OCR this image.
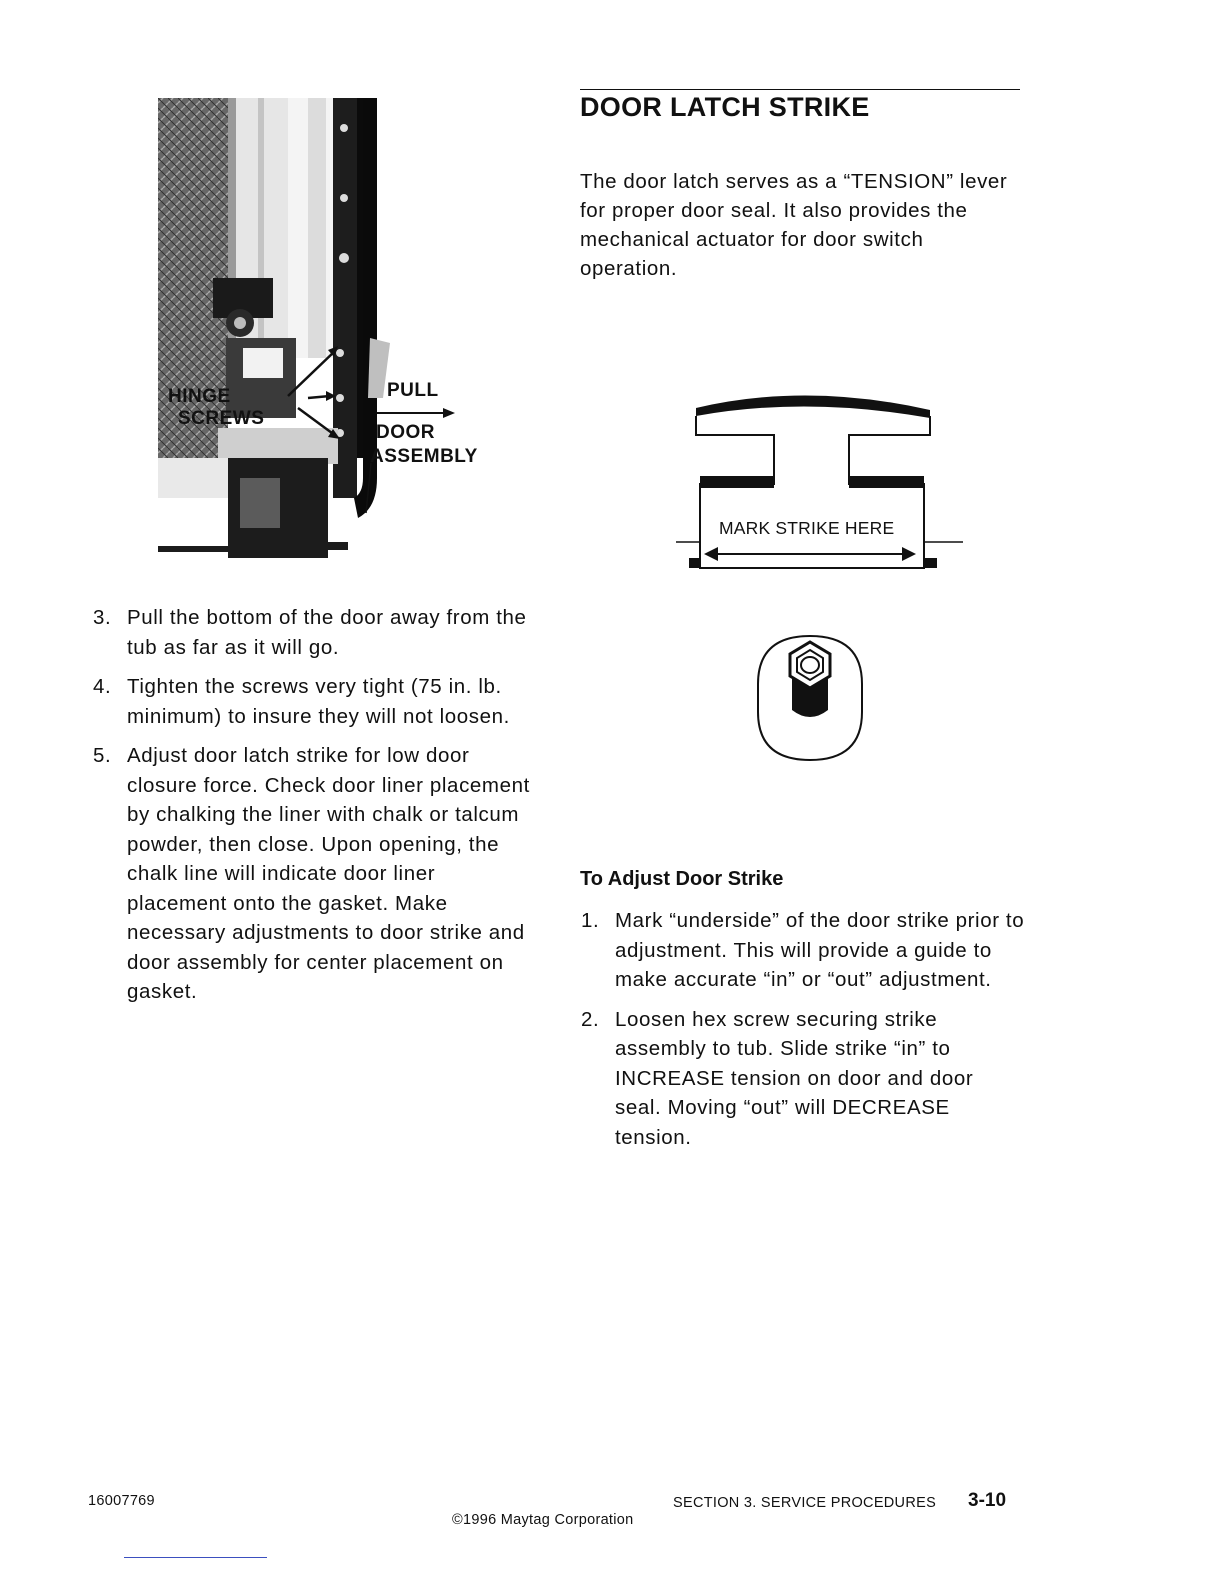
HINGE
SCREWS
PULL
DOOR
ASSEMBLY
DOOR LATCH STRIKE
The door latch serves as a “TENSION” lever for proper door seal. It also provides the mechanical actuator for door switch operation.
MARK STRIKE HERE
3. Pull the bottom of the door away from the tub as far as it will go.
4. Tighten the screws very tight (75 in. lb. minimum) to insure they will not loosen.
5. Adjust door latch strike for low door closure force. Check door liner placement by chalking the liner with chalk or talcum powder, then close. Upon opening, the chalk line will indicate door liner placement onto the gasket. Make necessary adjustments to door strike and door assembly for center placement on gasket.
To Adjust Door Strike
1. Mark “underside” of the door strike prior to adjustment. This will provide a guide to make accurate “in” or “out” adjustment.
2. Loosen hex screw securing strike assembly to tub. Slide strike “in” to INCREASE tension on door and door seal. Moving “out” will DECREASE tension.
16007769
©1996 Maytag Corporation
SECTION 3. SERVICE PROCEDURES 3-10
